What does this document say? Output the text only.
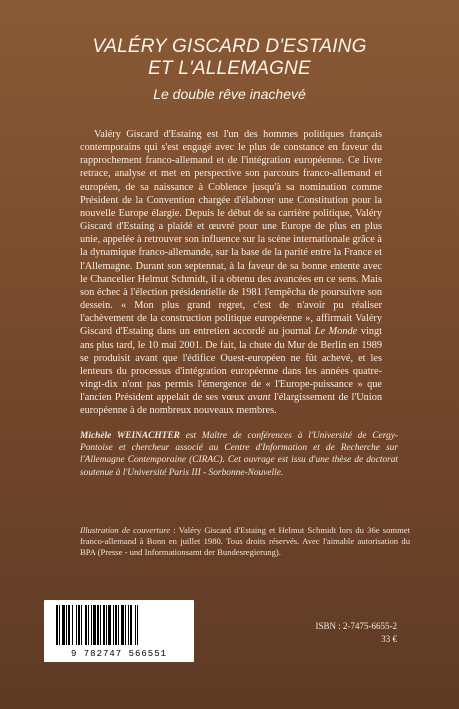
VALÉRY GISCARD D'ESTAING
ET L'ALLEMAGNE
Le double rêve inachevé

Valéry Giscard d'Estaing est l'un des hommes politiques français contemporains qui s'est engagé avec le plus de constance en faveur du rapprochement franco-allemand et de l'intégration européenne. Ce livre retrace, analyse et met en perspective son parcours franco-allemand et européen, de sa naissance à Coblence jusqu'à sa nomination comme Président de la Convention chargée d'élaborer une Constitution pour la nouvelle Europe élargie. Depuis le début de sa carrière politique, Valéry Giscard d'Estaing a plaidé et œuvré pour une Europe de plus en plus unie, appelée à retrouver son influence sur la scène internationale grâce à la dynamique franco-allemande, sur la base de la parité entre la France et l'Allemagne. Durant son septennat, à la faveur de sa bonne entente avec le Chancelier Helmut Schmidt, il a obtenu des avancées en ce sens. Mais son échec à l'élection présidentielle de 1981 l'empêcha de poursuivre son dessein. « Mon plus grand regret, c'est de n'avoir pu réaliser l'achèvement de la construction politique européenne », affirmait Valéry Giscard d'Estaing dans un entretien accordé au journal Le Monde vingt ans plus tard, le 10 mai 2001. De fait, la chute du Mur de Berlin en 1989 se produisit avant que l'édifice Ouest-européen ne fût achevé, et les lenteurs du processus d'intégration européenne dans les années quatre-vingt-dix n'ont pas permis l'émergence de « l'Europe-puissance » que l'ancien Président appelait de ses vœux avant l'élargissement de l'Union européenne à de nombreux nouveaux membres.

Michèle WEINACHTER est Maître de conférences à l'Université de Cergy-Pontoise et chercheur associé au Centre d'Information et de Recherche sur l'Allemagne Contemporaine (CIRAC). Cet ouvrage est issu d'une thèse de doctorat soutenue à l'Université Paris III - Sorbonne-Nouvelle.

Illustration de couverture : Valéry Giscard d'Estaing et Helmut Schmidt lors du 36e sommet franco-allemand à Bonn en juillet 1980. Tous droits réservés. Avec l'aimable autorisation du BPA (Presse - und Informationsamt der Bundesregierung).

9 782747 566551
ISBN : 2-7475-6655-2
33 €
